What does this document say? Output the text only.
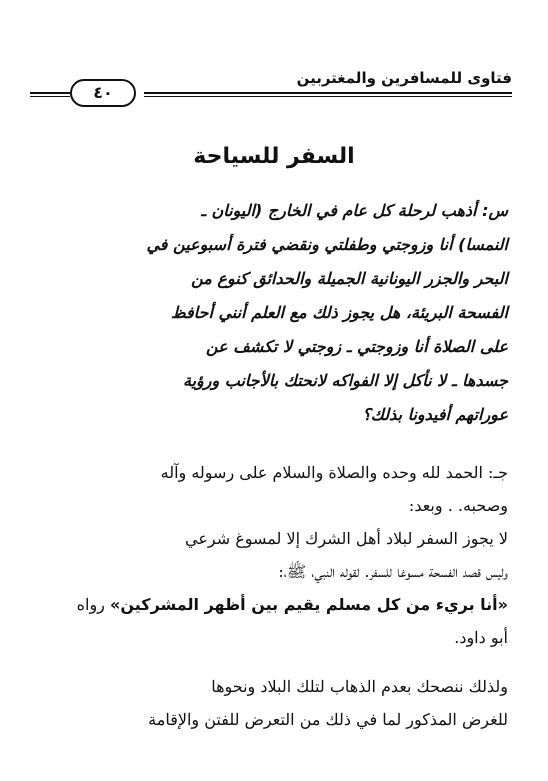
فتاوى للمسافرين والمغتربين
٤٠
السفر للسياحة
س: أذهب لرحلة كل عام في الخارج (اليونان ـ
النمسا) أنا وزوجتي وطفلتي ونقضي فترة أسبوعين في
البحر والجزر اليونانية الجميلة والحدائق كنوع من
الفسحة البريئة، هل يجوز ذلك مع العلم أنني أحافظ
على الصلاة أنا وزوجتي ـ زوجتي لا تكشف عن
جسدها ـ لا نأكل إلا الفواكه لانحتك بالأجانب ورؤية
عوراتهم أفيدونا بذلك؟
جـ: الحمد لله وحده والصلاة والسلام على رسوله وآله
وصحبه. . وبعد:
لا يجوز السفر لبلاد أهل الشرك إلا لمسوغ شرعي
وليس قصد الفسحة مسوغا للسفر. لقوله النبي، ﷺ،:
«أنا بريء من كل مسلم يقيم بين أظهر المشركين» رواه
أبو داود.
ولذلك ننصحك بعدم الذهاب لتلك البلاد ونحوها
للغرض المذكور لما في ذلك من التعرض للفتن والإقامة
